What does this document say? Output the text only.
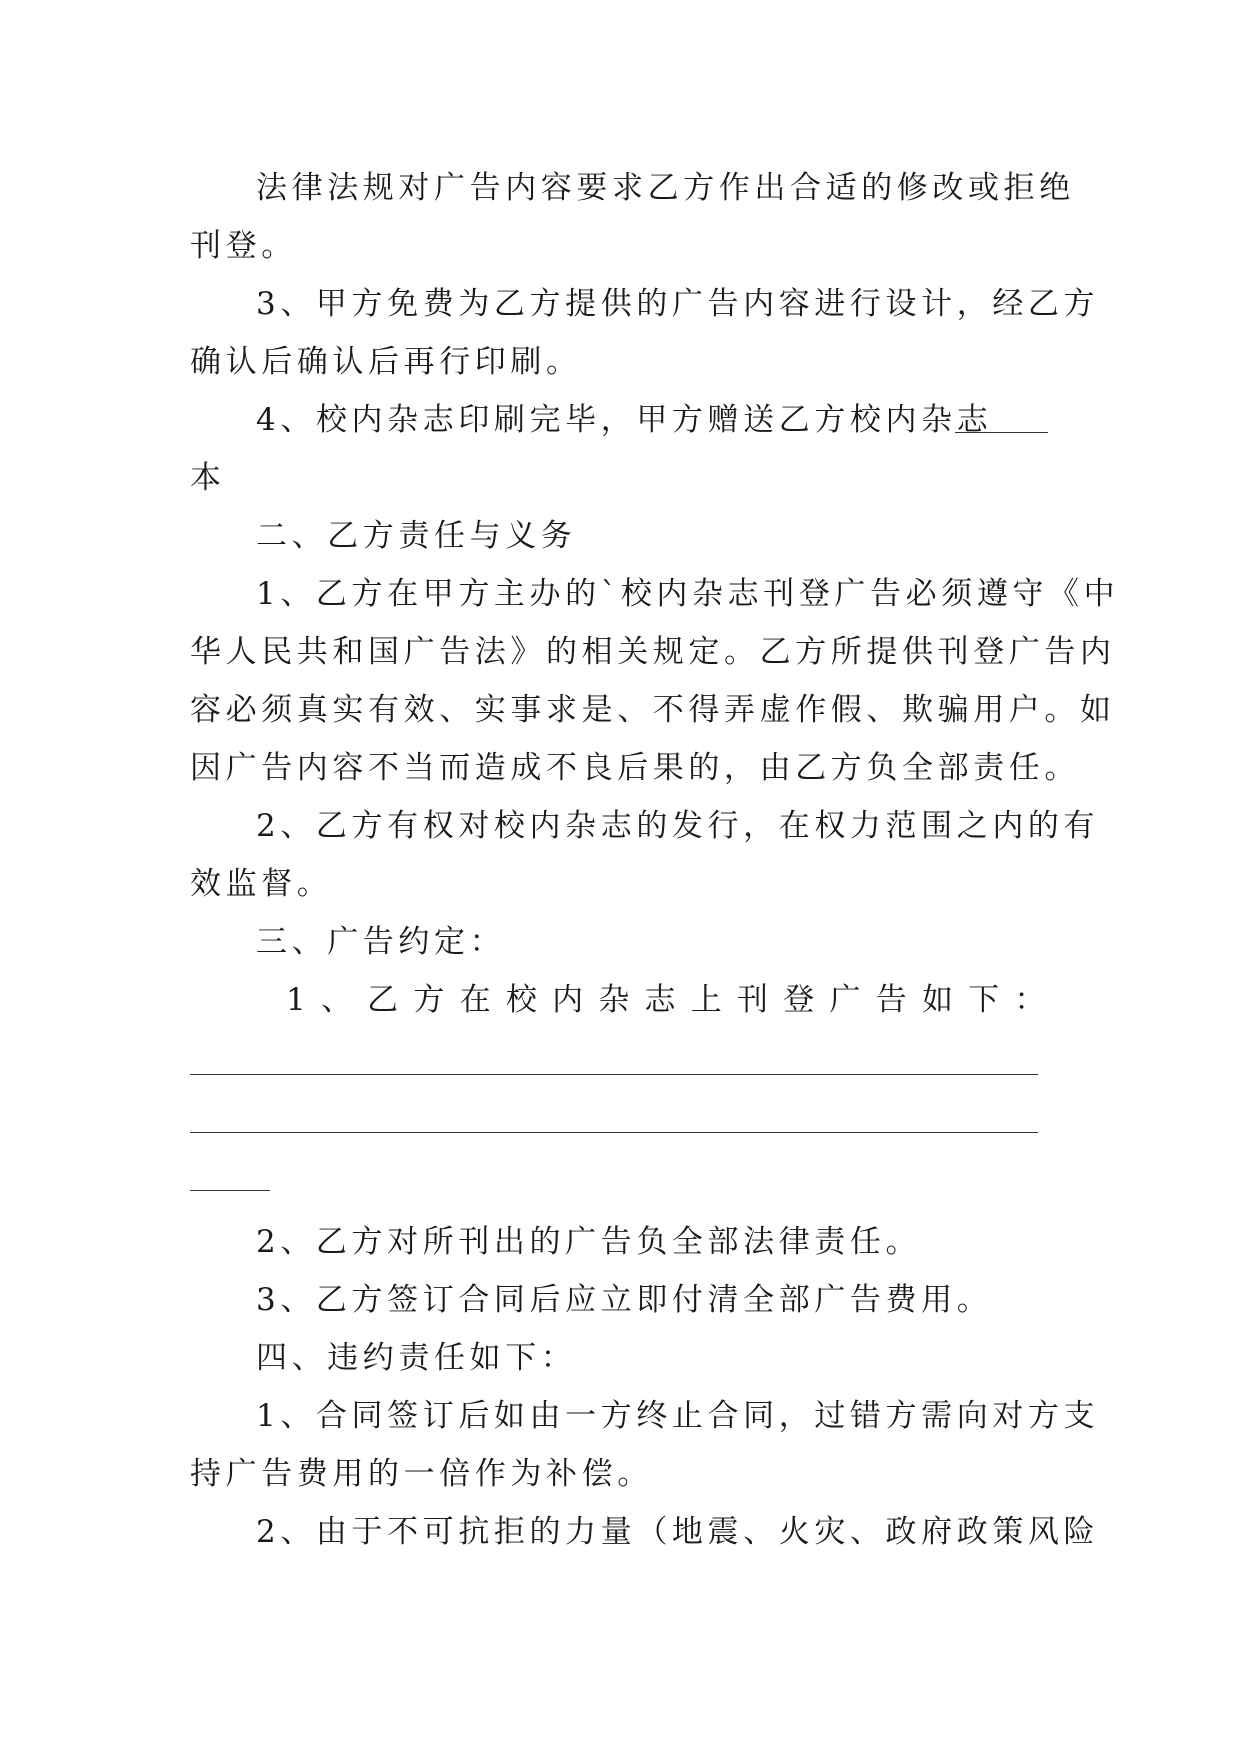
法律法规对广告内容要求乙方作出合适的修改或拒绝
刊登。
3、甲方免费为乙方提供的广告内容进行设计，经乙方
确认后确认后再行印刷。
4、校内杂志印刷完毕，甲方赠送乙方校内杂志
本
二、乙方责任与义务
1、乙方在甲方主办的`校内杂志刊登广告必须遵守《中
华人民共和国广告法》的相关规定。乙方所提供刊登广告内
容必须真实有效、实事求是、不得弄虚作假、欺骗用户。如
因广告内容不当而造成不良后果的，由乙方负全部责任。
2、乙方有权对校内杂志的发行，在权力范围之内的有
效监督。
三、广告约定：
1、乙方在校内杂志上刊登广告如下：
2、乙方对所刊出的广告负全部法律责任。
3、乙方签订合同后应立即付清全部广告费用。
四、违约责任如下：
1、合同签订后如由一方终止合同，过错方需向对方支
持广告费用的一倍作为补偿。
2、由于不可抗拒的力量（地震、火灾、政府政策风险
